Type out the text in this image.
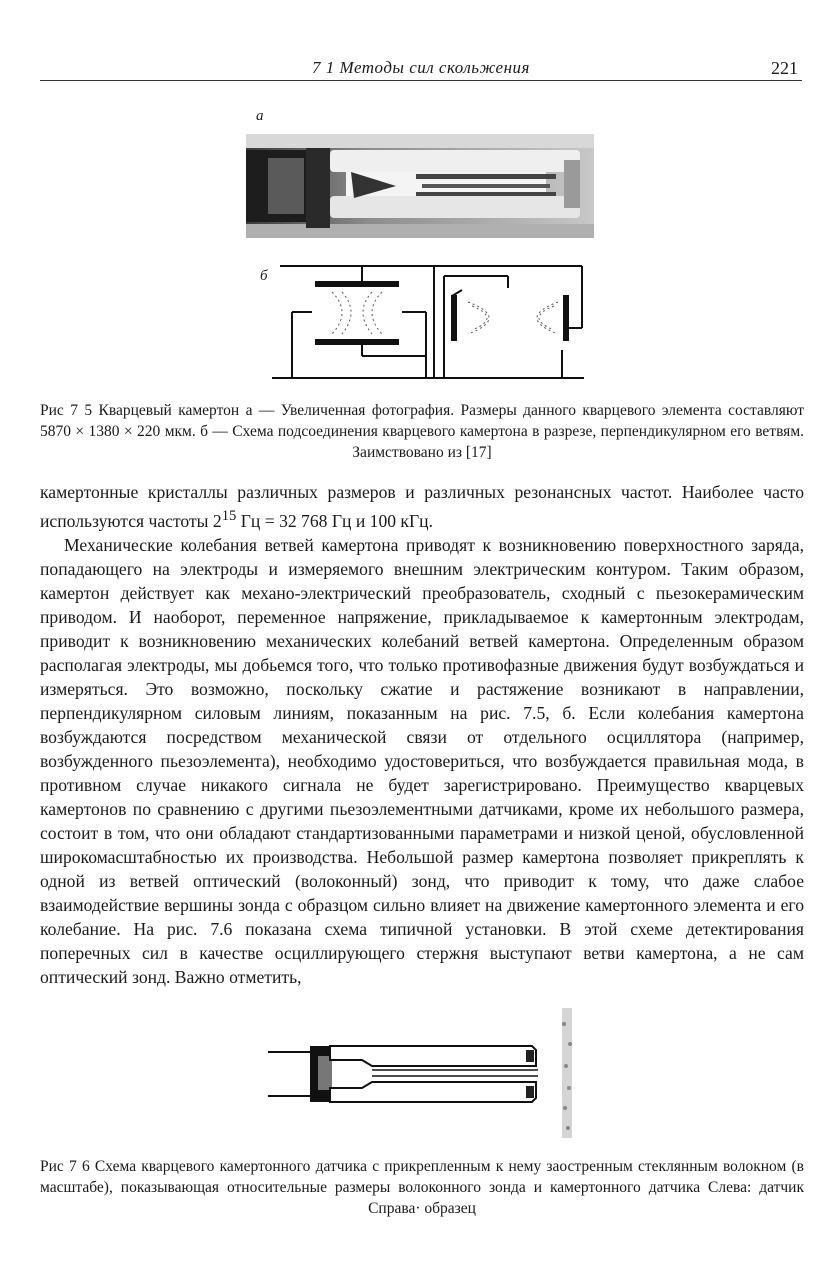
7 1 Методы сил скольжения	221
а
б
Рис 7 5 Кварцевый камертон а — Увеличенная фотография. Размеры данного кварцевого элемента составляют 5870 × 1380 × 220 мкм. б — Схема подсоединения кварцевого камертона в разрезе, перпендикулярном его ветвям. Заимствовано из [17]

камертонные кристаллы различных размеров и различных резонансных частот. Наиболее часто используются частоты $2^{15}$ Гц = 32 768 Гц и 100 кГц.

Механические колебания ветвей камертона приводят к возникновению поверхностного заряда, попадающего на электроды и измеряемого внешним электрическим контуром. Таким образом, камертон действует как механо-электрический преобразователь, сходный с пьезокерамическим приводом. И наоборот, переменное напряжение, прикладываемое к камертонным электродам, приводит к возникновению механических колебаний ветвей камертона. Определенным образом располагая электроды, мы добьемся того, что только противофазные движения будут возбуждаться и измеряться. Это возможно, поскольку сжатие и растяжение возникают в направлении, перпендикулярном силовым линиям, показанным на рис. 7.5, б. Если колебания камертона возбуждаются посредством механической связи от отдельного осциллятора (например, возбужденного пьезоэлемента), необходимо удостовериться, что возбуждается правильная мода, в противном случае никакого сигнала не будет зарегистрировано. Преимущество кварцевых камертонов по сравнению с другими пьезоэлементными датчиками, кроме их небольшого размера, состоит в том, что они обладают стандартизованными параметрами и низкой ценой, обусловленной широкомасштабностью их производства. Небольшой размер камертона позволяет прикреплять к одной из ветвей оптический (волоконный) зонд, что приводит к тому, что даже слабое взаимодействие вершины зонда с образцом сильно влияет на движение камертонного элемента и его колебание. На рис. 7.6 показана схема типичной установки. В этой схеме детектирования поперечных сил в качестве осциллирующего стержня выступают ветви камертона, а не сам оптический зонд. Важно отметить,

Рис 7 6 Схема кварцевого камертонного датчика с прикрепленным к нему заостренным стеклянным волокном (в масштабе), показывающая относительные размеры волоконного зонда и камертонного датчика Слева: датчик Справа· образец
